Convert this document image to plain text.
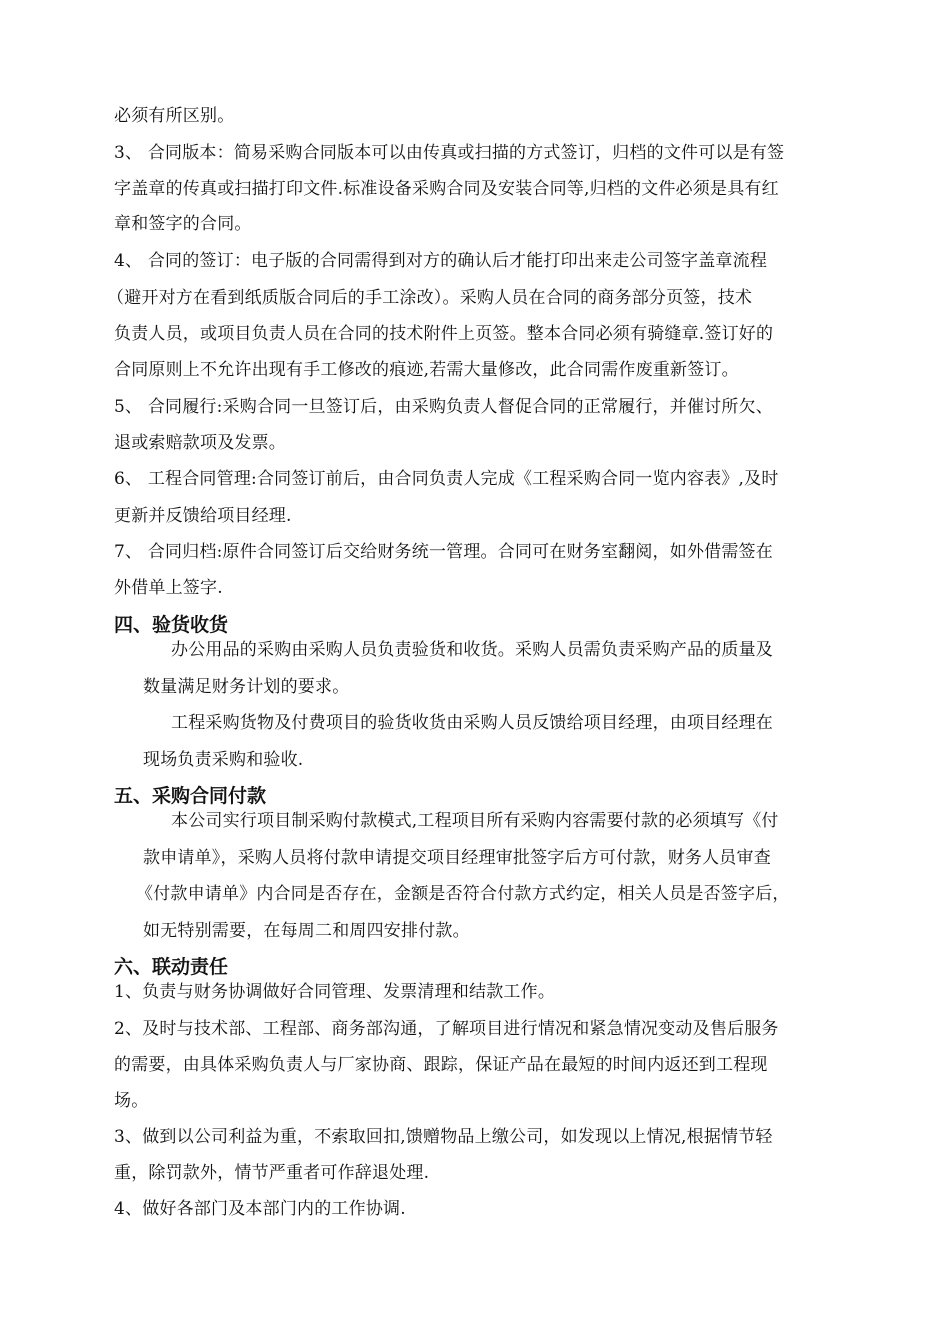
必须有所区别。
3、 合同版本：简易采购合同版本可以由传真或扫描的方式签订，归档的文件可以是有签
字盖章的传真或扫描打印文件.标准设备采购合同及安装合同等,归档的文件必须是具有红
章和签字的合同。
4、 合同的签订：电子版的合同需得到对方的确认后才能打印出来走公司签字盖章流程
（避开对方在看到纸质版合同后的手工涂改）。采购人员在合同的商务部分页签，技术
负责人员，或项目负责人员在合同的技术附件上页签。整本合同必须有骑缝章.签订好的
合同原则上不允许出现有手工修改的痕迹,若需大量修改，此合同需作废重新签订。
5、 合同履行:采购合同一旦签订后，由采购负责人督促合同的正常履行，并催讨所欠、
退或索赔款项及发票。
6、 工程合同管理:合同签订前后，由合同负责人完成《工程采购合同一览内容表》,及时
更新并反馈给项目经理.
7、 合同归档:原件合同签订后交给财务统一管理。合同可在财务室翻阅，如外借需签在
外借单上签字.
四、验货收货
办公用品的采购由采购人员负责验货和收货。采购人员需负责采购产品的质量及
数量满足财务计划的要求。
工程采购货物及付费项目的验货收货由采购人员反馈给项目经理，由项目经理在
现场负责采购和验收.
五、采购合同付款
本公司实行项目制采购付款模式,工程项目所有采购内容需要付款的必须填写《付
款申请单》，采购人员将付款申请提交项目经理审批签字后方可付款，财务人员审查
《付款申请单》内合同是否存在，金额是否符合付款方式约定，相关人员是否签字后，
如无特别需要，在每周二和周四安排付款。
六、联动责任
1、负责与财务协调做好合同管理、发票清理和结款工作。
2、及时与技术部、工程部、商务部沟通，了解项目进行情况和紧急情况变动及售后服务
的需要，由具体采购负责人与厂家协商、跟踪，保证产品在最短的时间内返还到工程现
场。
3、做到以公司利益为重，不索取回扣,馈赠物品上缴公司，如发现以上情况,根据情节轻
重，除罚款外，情节严重者可作辞退处理.
4、做好各部门及本部门内的工作协调.
